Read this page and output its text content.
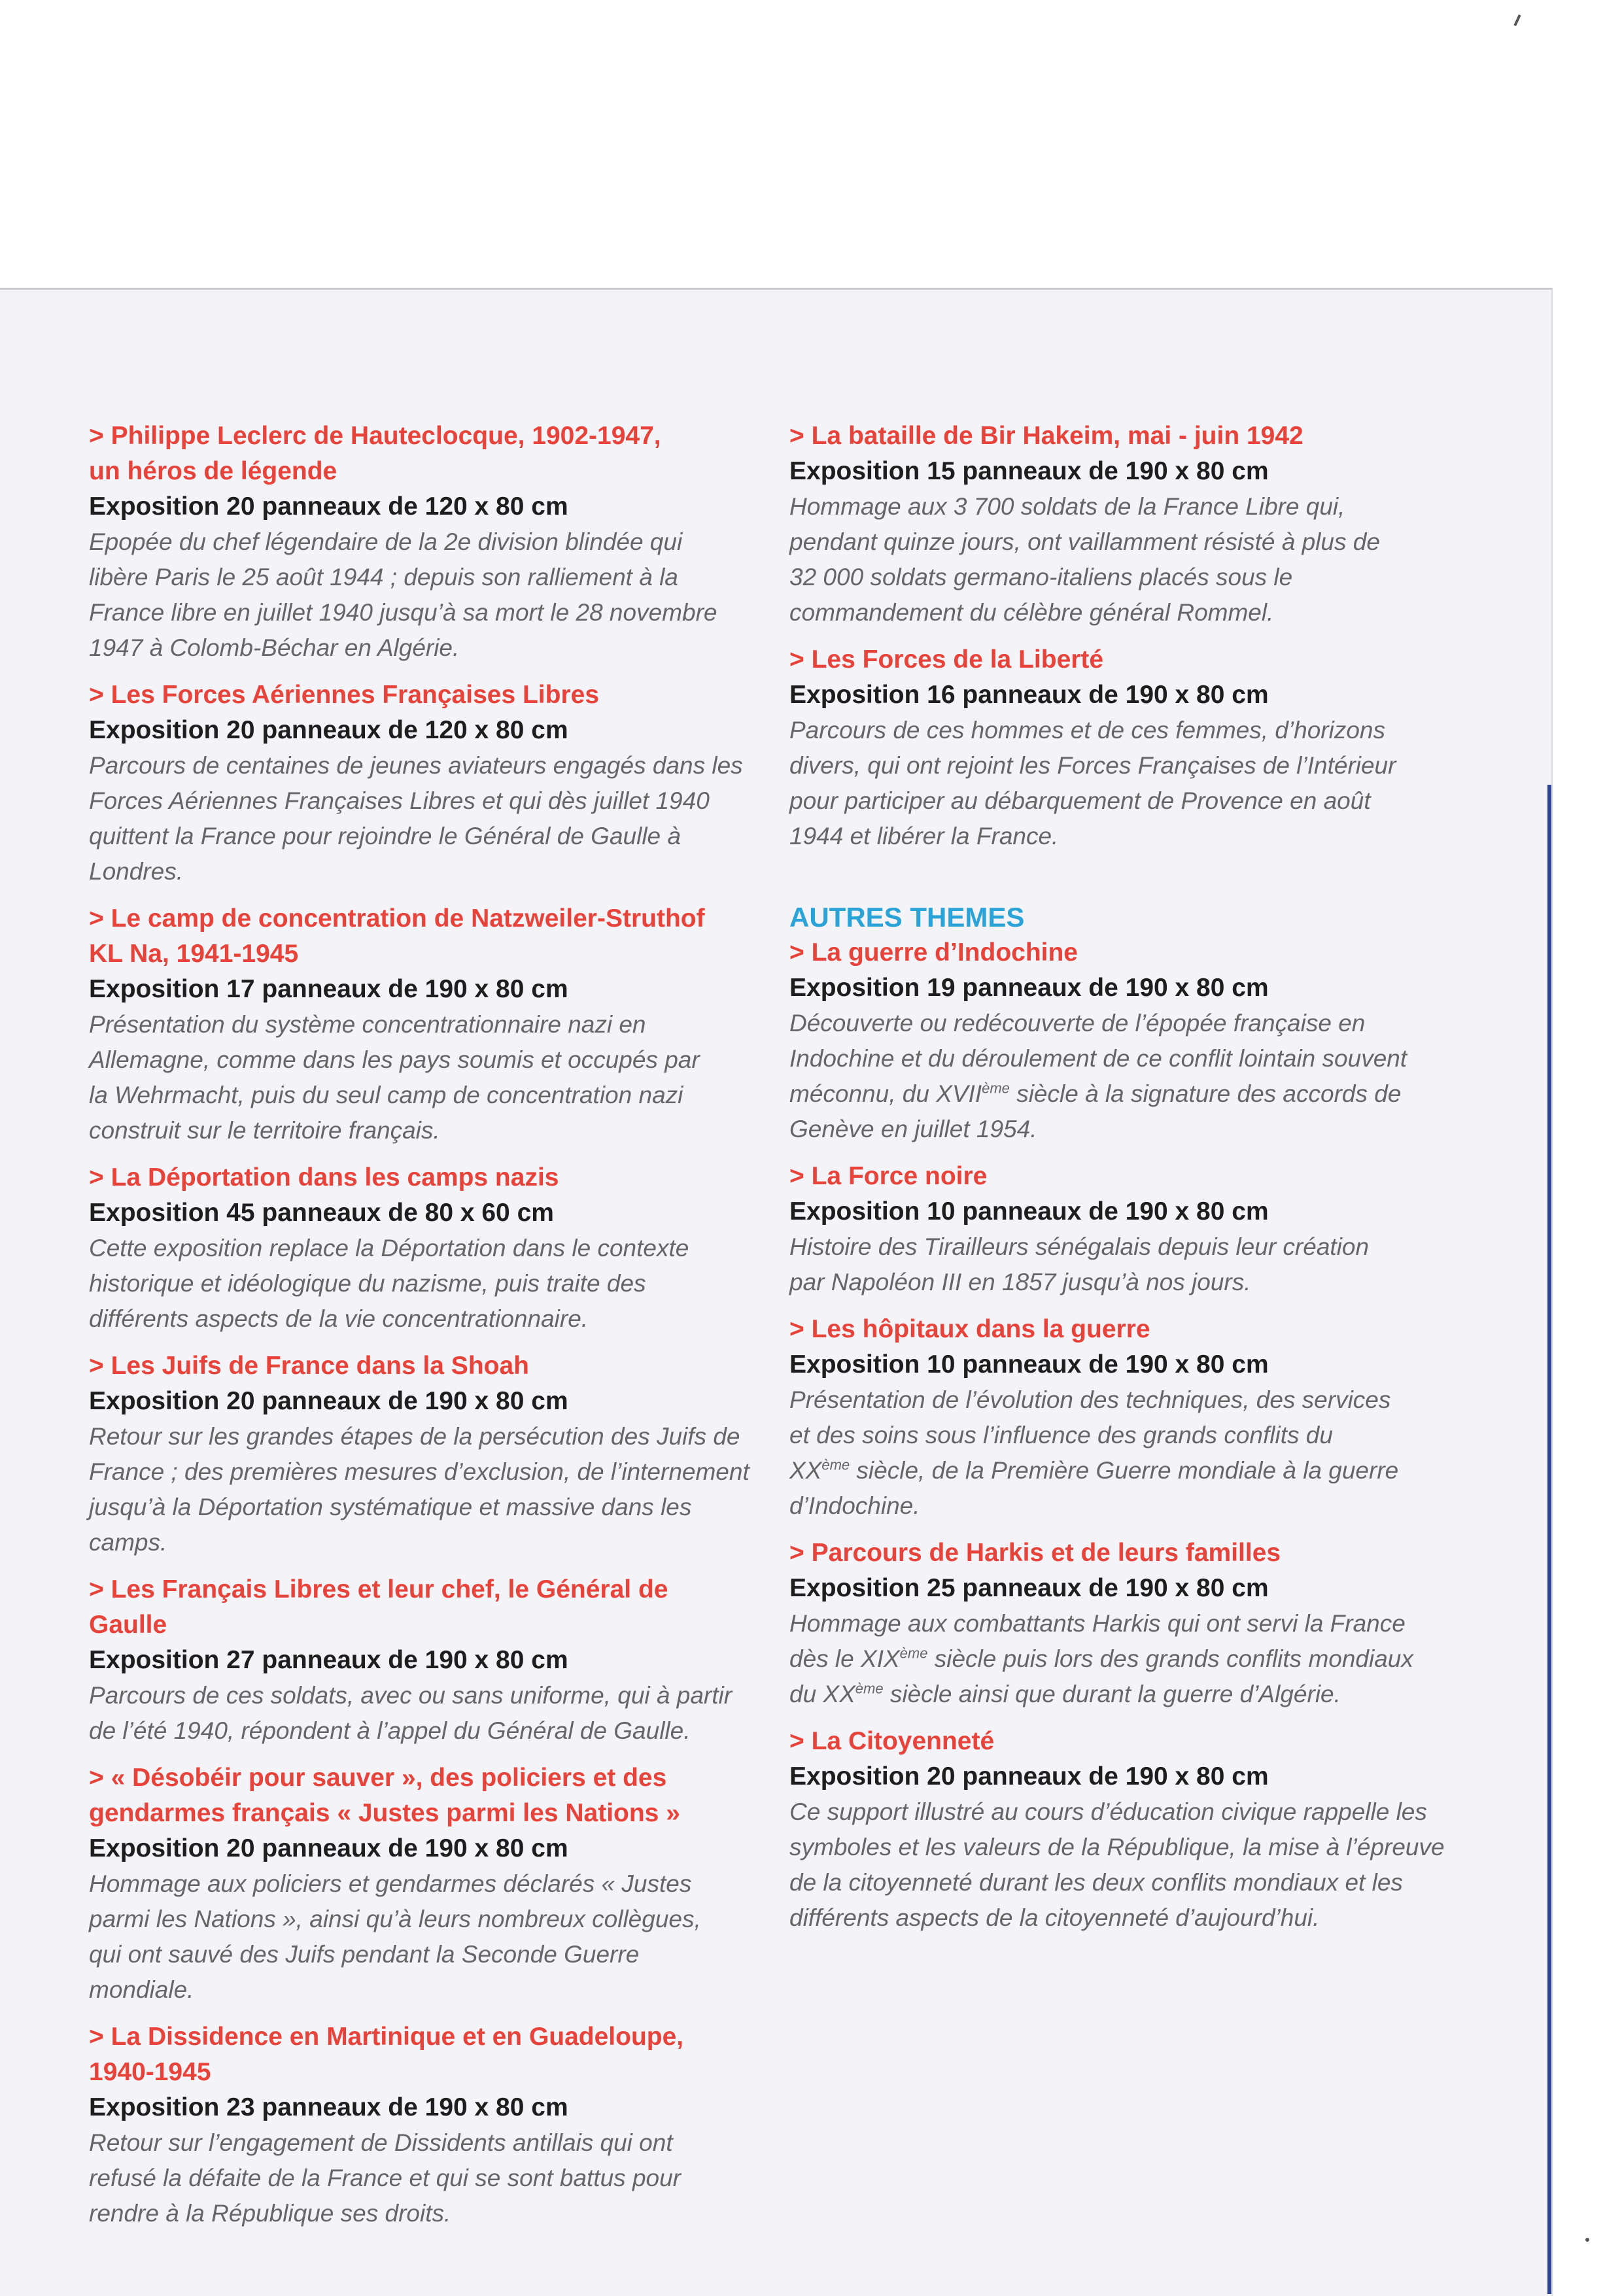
> Philippe Leclerc de Hauteclocque, 1902-1947,
un héros de légende
Exposition 20 panneaux de 120 x 80 cm
Epopée du chef légendaire de la 2e division blindée qui
libère Paris le 25 août 1944 ; depuis son ralliement à la
France libre en juillet 1940 jusqu’à sa mort le 28 novembre
1947 à Colomb-Béchar en Algérie.
> Les Forces Aériennes Françaises Libres
Exposition 20 panneaux de 120 x 80 cm
Parcours de centaines de jeunes aviateurs engagés dans les
Forces Aériennes Françaises Libres et qui dès juillet 1940
quittent la France pour rejoindre le Général de Gaulle à
Londres.
> Le camp de concentration de Natzweiler-Struthof
KL Na, 1941-1945
Exposition 17 panneaux de 190 x 80 cm
Présentation du système concentrationnaire nazi en
Allemagne, comme dans les pays soumis et occupés par
la Wehrmacht, puis du seul camp de concentration nazi
construit sur le territoire français.
> La Déportation dans les camps nazis
Exposition 45 panneaux de 80 x 60 cm
Cette exposition replace la Déportation dans le contexte
historique et idéologique du nazisme, puis traite des
différents aspects de la vie concentrationnaire.
> Les Juifs de France dans la Shoah
Exposition 20 panneaux de 190 x 80 cm
Retour sur les grandes étapes de la persécution des Juifs de
France ; des premières mesures d’exclusion, de l’internement
jusqu’à la Déportation systématique et massive dans les
camps.
> Les Français Libres et leur chef, le Général de Gaulle
Exposition 27 panneaux de 190 x 80 cm
Parcours de ces soldats, avec ou sans uniforme, qui à partir
de l’été 1940, répondent à l’appel du Général de Gaulle.
> « Désobéir pour sauver », des policiers et des
gendarmes français « Justes parmi les Nations »
Exposition 20 panneaux de 190 x 80 cm
Hommage aux policiers et gendarmes déclarés « Justes
parmi les Nations », ainsi qu’à leurs nombreux collègues,
qui ont sauvé des Juifs pendant la Seconde Guerre
mondiale.
> La Dissidence en Martinique et en Guadeloupe,
1940-1945
Exposition 23 panneaux de 190 x 80 cm
Retour sur l’engagement de Dissidents antillais qui ont
refusé la défaite de la France et qui se sont battus pour
rendre à la République ses droits.
> La bataille de Bir Hakeim, mai - juin 1942
Exposition 15 panneaux de 190 x 80 cm
Hommage aux 3 700 soldats de la France Libre qui,
pendant quinze jours, ont vaillamment résisté à plus de
32 000 soldats germano-italiens placés sous le
commandement du célèbre général Rommel.
> Les Forces de la Liberté
Exposition 16 panneaux de 190 x 80 cm
Parcours de ces hommes et de ces femmes, d’horizons
divers, qui ont rejoint les Forces Françaises de l’Intérieur
pour participer au débarquement de Provence en août
1944 et libérer la France.
AUTRES THEMES
> La guerre d’Indochine
Exposition 19 panneaux de 190 x 80 cm
Découverte ou redécouverte de l’épopée française en
Indochine et du déroulement de ce conflit lointain souvent
méconnu, du XVIIème siècle à la signature des accords de
Genève en juillet 1954.
> La Force noire
Exposition 10 panneaux de 190 x 80 cm
Histoire des Tirailleurs sénégalais depuis leur création
par Napoléon III en 1857 jusqu’à nos jours.
> Les hôpitaux dans la guerre
Exposition 10 panneaux de 190 x 80 cm
Présentation de l’évolution des techniques, des services
et des soins sous l’influence des grands conflits du
XXème siècle, de la Première Guerre mondiale à la guerre
d’Indochine.
> Parcours de Harkis et de leurs familles
Exposition 25 panneaux de 190 x 80 cm
Hommage aux combattants Harkis qui ont servi la France
dès le XIXème siècle puis lors des grands conflits mondiaux
du XXème siècle ainsi que durant la guerre d’Algérie.
> La Citoyenneté
Exposition 20 panneaux de 190 x 80 cm
Ce support illustré au cours d’éducation civique rappelle les
symboles et les valeurs de la République, la mise à l’épreuve
de la citoyenneté durant les deux conflits mondiaux et les
différents aspects de la citoyenneté d’aujourd’hui.
